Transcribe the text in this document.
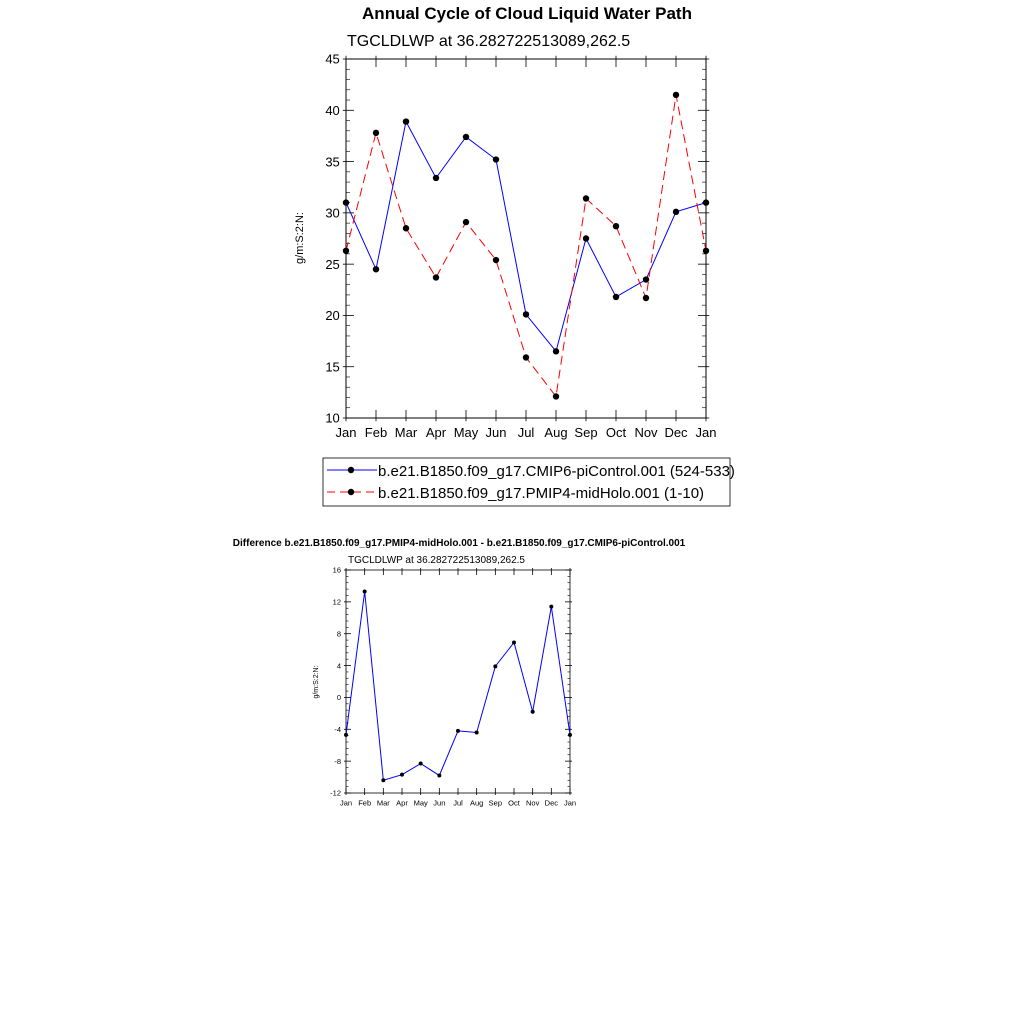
Annual Cycle of Cloud Liquid Water Path
TGCLDLWP at 36.282722513089,262.5
g/m:S:2:N:
10
15
20
25
30
35
40
45
Jan Feb Mar Apr May Jun Jul Aug Sep Oct Nov Dec Jan
b.e21.B1850.f09_g17.CMIP6-piControl.001 (524-533)
b.e21.B1850.f09_g17.PMIP4-midHolo.001 (1-10)
Difference b.e21.B1850.f09_g17.PMIP4-midHolo.001 - b.e21.B1850.f09_g17.CMIP6-piControl.001
TGCLDLWP at 36.282722513089,262.5
g/m:S:2:N:
-12
-8
-4
0
4
8
12
16
Jan Feb Mar Apr May Jun Jul Aug Sep Oct Nov Dec Jan
